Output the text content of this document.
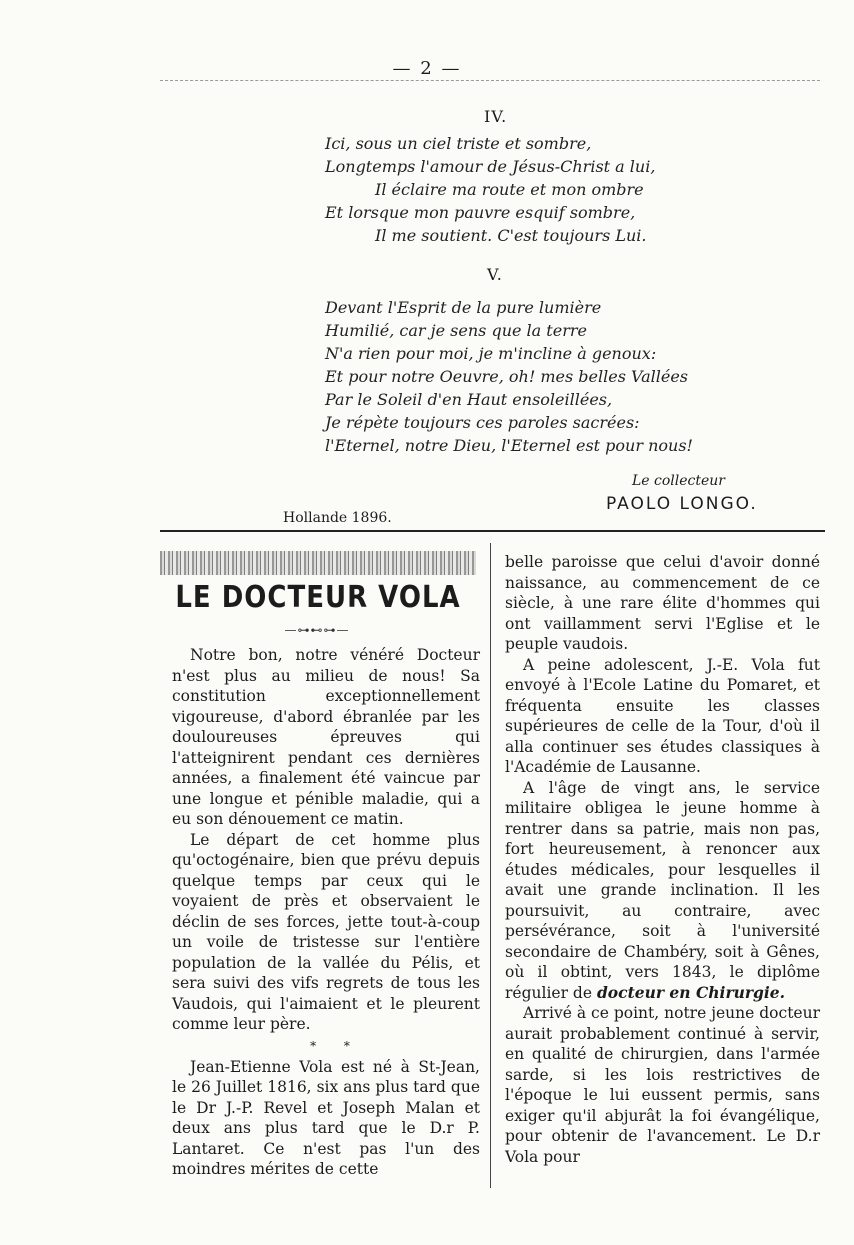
— 2 —
IV.
Ici, sous un ciel triste et sombre,
Longtemps l'amour de Jésus-Christ a lui,
Il éclaire ma route et mon ombre
Et lorsque mon pauvre esquif sombre,
Il me soutient. C'est toujours Lui.
V.
Devant l'Esprit de la pure lumière
Humilié, car je sens que la terre
N'a rien pour moi, je m'incline à genoux:
Et pour notre Oeuvre, oh! mes belles Vallées
Par le Soleil d'en Haut ensoleillées,
Je répète toujours ces paroles sacrées:
l'Eternel, notre Dieu, l'Eternel est pour nous!
Le collecteur
PAOLO LONGO.
Hollande 1896.
LE DOCTEUR VOLA
—⊶⊷⊶—

Notre bon, notre vénéré Docteur n'est plus au milieu de nous! Sa constitution exceptionnellement vigoureuse, d'abord ébranlée par les douloureuses épreuves qui l'atteignirent pendant ces dernières années, a finalement été vaincue par une longue et pénible maladie, qui a eu son dénouement ce matin.

Le départ de cet homme plus qu'octogénaire, bien que prévu depuis quelque temps par ceux qui le voyaient de près et observaient le déclin de ses forces, jette tout-à-coup un voile de tristesse sur l'entière population de la vallée du Pélis, et sera suivi des vifs regrets de tous les Vaudois, qui l'aimaient et le pleurent comme leur père.

* *

Jean-Etienne Vola est né à St-Jean, le 26 Juillet 1816, six ans plus tard que le Dr J.-P. Revel et Joseph Malan et deux ans plus tard que le D.r P. Lantaret. Ce n'est pas l'un des moindres mérites de cette

belle paroisse que celui d'avoir donné naissance, au commencement de ce siècle, à une rare élite d'hommes qui ont vaillamment servi l'Eglise et le peuple vaudois.

A peine adolescent, J.-E. Vola fut envoyé à l'Ecole Latine du Pomaret, et fréquenta ensuite les classes supérieures de celle de la Tour, d'où il alla continuer ses études classiques à l'Académie de Lausanne.

A l'âge de vingt ans, le service militaire obligea le jeune homme à rentrer dans sa patrie, mais non pas, fort heureusement, à renoncer aux études médicales, pour lesquelles il avait une grande inclination. Il les poursuivit, au contraire, avec persévérance, soit à l'université secondaire de Chambéry, soit à Gênes, où il obtint, vers 1843, le diplôme régulier de docteur en Chirurgie.

Arrivé à ce point, notre jeune docteur aurait probablement continué à servir, en qualité de chirurgien, dans l'armée sarde, si les lois restrictives de l'époque le lui eussent permis, sans exiger qu'il abjurât la foi évangélique, pour obtenir de l'avancement. Le D.r Vola pour
